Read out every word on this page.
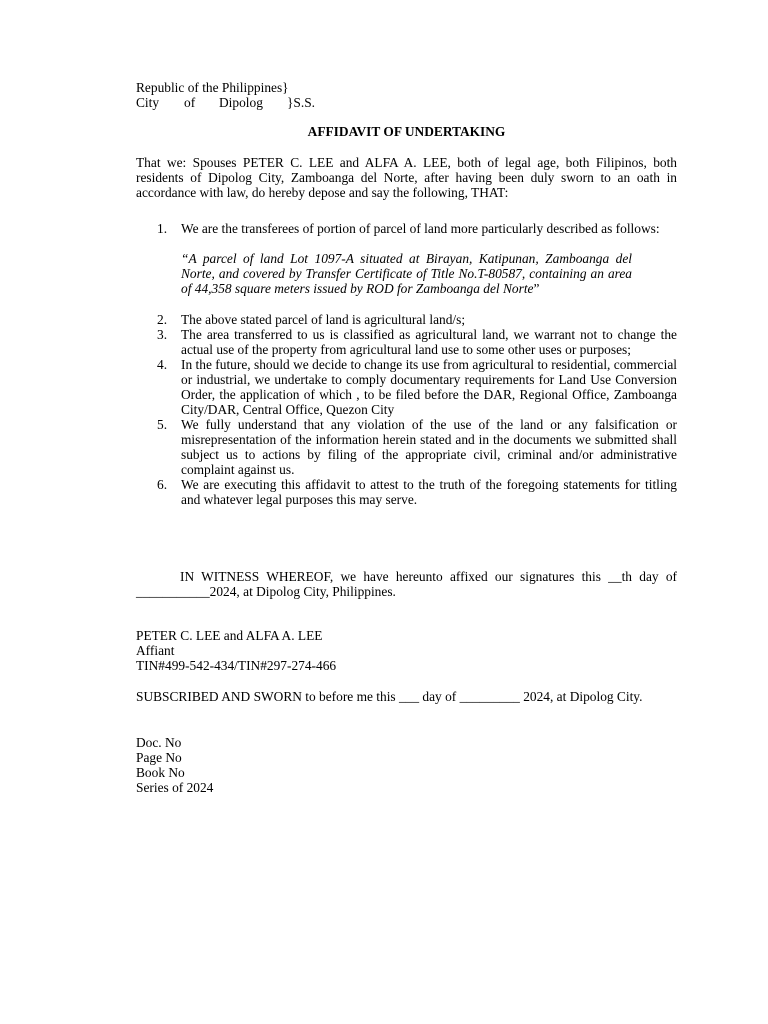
Republic of the Philippines}
City of Dipolog }S.S.
AFFIDAVIT OF UNDERTAKING
That we: Spouses PETER C. LEE and ALFA A. LEE, both of legal age, both Filipinos, both residents of Dipolog City, Zamboanga del Norte, after having been duly sworn to an oath in accordance with law, do hereby depose and say the following, THAT:
1. We are the transferees of portion of parcel of land more particularly described as follows:
“A parcel of land Lot 1097-A situated at Birayan, Katipunan, Zamboanga del Norte, and covered by Transfer Certificate of Title No.T-80587, containing an area of 44,358 square meters issued by ROD for Zamboanga del Norte”
2. The above stated parcel of land is agricultural land/s;
3. The area transferred to us is classified as agricultural land, we warrant not to change the actual use of the property from agricultural land use to some other uses or purposes;
4. In the future, should we decide to change its use from agricultural to residential, commercial or industrial, we undertake to comply documentary requirements for Land Use Conversion Order, the application of which , to be filed before the DAR, Regional Office, Zamboanga City/DAR, Central Office, Quezon City
5. We fully understand that any violation of the use of the land or any falsification or misrepresentation of the information herein stated and in the documents we submitted shall subject us to actions by filing of the appropriate civil, criminal and/or administrative complaint against us.
6. We are executing this affidavit to attest to the truth of the foregoing statements for titling and whatever legal purposes this may serve.
IN WITNESS WHEREOF, we have hereunto affixed our signatures this __th day of ___________2024, at Dipolog City, Philippines.
PETER C. LEE and ALFA A. LEE
Affiant
TIN#499-542-434/TIN#297-274-466
SUBSCRIBED AND SWORN to before me this ___ day of _________ 2024, at Dipolog City.
Doc. No
Page No
Book No
Series of 2024
